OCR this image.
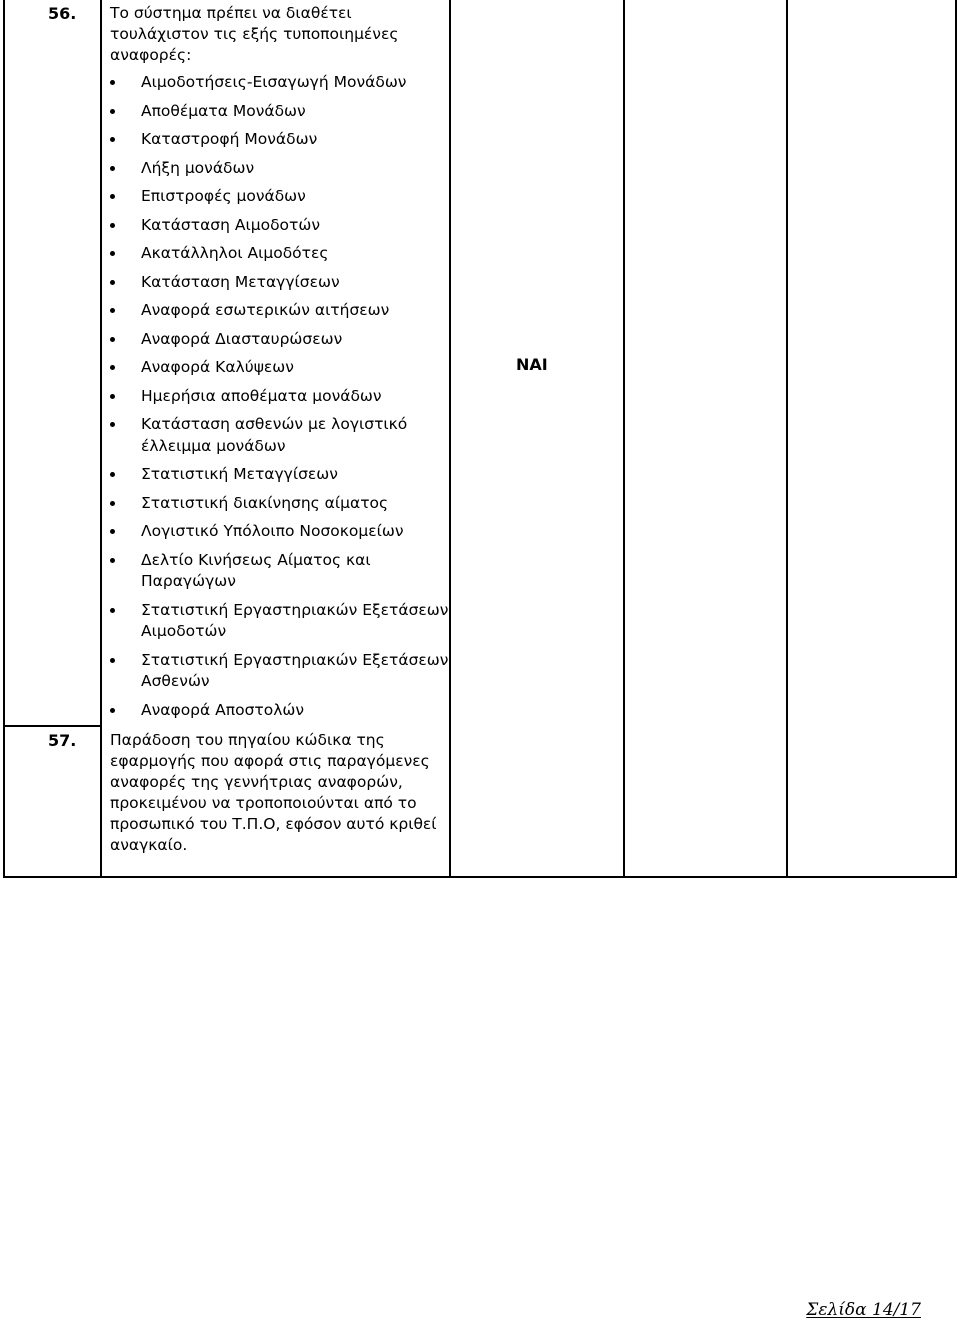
56. Το σύστημα πρέπει να διαθέτει τουλάχιστον τις εξής τυποποιημένες αναφορές:
Αιμοδοτήσεις-Εισαγωγή Μονάδων
Αποθέματα Μονάδων
Καταστροφή Μονάδων
Λήξη μονάδων
Επιστροφές μονάδων
Κατάσταση Αιμοδοτών
Ακατάλληλοι Αιμοδότες
Κατάσταση Μεταγγίσεων
Αναφορά εσωτερικών αιτήσεων
Αναφορά Διασταυρώσεων
Αναφορά Καλύψεων
Ημερήσια αποθέματα μονάδων
Κατάσταση ασθενών με λογιστικό έλλειμμα μονάδων
Στατιστική Μεταγγίσεων
Στατιστική διακίνησης αίματος
Λογιστικό Υπόλοιπο Νοσοκομείων
Δελτίο Κινήσεως Αίματος και Παραγώγων
Στατιστική Εργαστηριακών Εξετάσεων Αιμοδοτών
Στατιστική Εργαστηριακών Εξετάσεων Ασθενών
Αναφορά Αποστολών
ΝΑΙ
57. Παράδοση του πηγαίου κώδικα της εφαρμογής που αφορά στις παραγόμενες αναφορές της γεννήτριας αναφορών, προκειμένου να τροποποιούνται από το προσωπικό του Τ.Π.Ο, εφόσον αυτό κριθεί αναγκαίο.
Σελίδα 14/17
